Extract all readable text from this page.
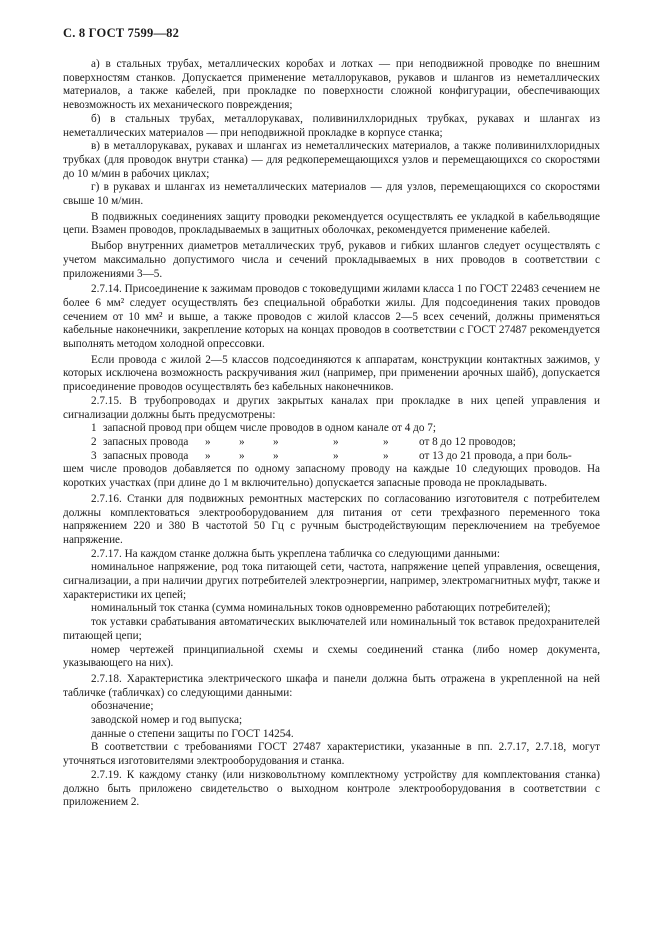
С. 8 ГОСТ 7599—82

а) в стальных трубах, металлических коробах и лотках — при неподвижной проводке по внешним поверхностям станков. Допускается применение металлорукавов, рукавов и шлангов из неметаллических материалов, а также кабелей, при прокладке по поверхности сложной конфигурации, обеспечивающих невозможность их механического повреждения;

б) в стальных трубах, металлорукавах, поливинилхлоридных трубках, рукавах и шлангах из неметаллических материалов — при неподвижной прокладке в корпусе станка;

в) в металлорукавах, рукавах и шлангах из неметаллических материалов, а также поливинилхлоридных трубках (для проводок внутри станка) — для редкоперемещающихся узлов и перемещающихся со скоростями до 10 м/мин в рабочих циклах;

г) в рукавах и шлангах из неметаллических материалов — для узлов, перемещающихся со скоростями свыше 10 м/мин.

В подвижных соединениях защиту проводки рекомендуется осуществлять ее укладкой в кабельводящие цепи. Взамен проводов, прокладываемых в защитных оболочках, рекомендуется применение кабелей.

Выбор внутренних диаметров металлических труб, рукавов и гибких шлангов следует осуществлять с учетом максимально допустимого числа и сечений прокладываемых в них проводов в соответствии с приложениями 3—5.

2.7.14. Присоединение к зажимам проводов с токоведущими жилами класса 1 по ГОСТ 22483 сечением не более 6 мм² следует осуществлять без специальной обработки жилы. Для подсоединения таких проводов сечением от 10 мм² и выше, а также проводов с жилой классов 2—5 всех сечений, должны применяться кабельные наконечники, закрепление которых на концах проводов в соответствии с ГОСТ 27487 рекомендуется выполнять методом холодной опрессовки.

Если провода с жилой 2—5 классов подсоединяются к аппаратам, конструкции контактных зажимов, у которых исключена возможность раскручивания жил (например, при применении арочных шайб), допускается присоединение проводов осуществлять без кабельных наконечников.

2.7.15. В трубопроводах и других закрытых каналах при прокладке в них цепей управления и сигнализации должны быть предусмотрены:

1 запасной провод при общем числе проводов в одном канале от 4 до 7;
2 запасных провода	»	»	»	»	»	от 8 до 12 проводов;
3 запасных провода	»	»	»	»	»	от 13 до 21 провода, а при боль-

шем числе проводов добавляется по одному запасному проводу на каждые 10 следующих проводов. На коротких участках (при длине до 1 м включительно) допускается запасные провода не прокладывать.

2.7.16. Станки для подвижных ремонтных мастерских по согласованию изготовителя с потребителем должны комплектоваться электрооборудованием для питания от сети трехфазного переменного тока напряжением 220 и 380 В частотой 50 Гц с ручным быстродействующим переключением на требуемое напряжение.

2.7.17. На каждом станке должна быть укреплена табличка со следующими данными:

номинальное напряжение, род тока питающей сети, частота, напряжение цепей управления, освещения, сигнализации, а при наличии других потребителей электроэнергии, например, электромагнитных муфт, также и характеристики их цепей;

номинальный ток станка (сумма номинальных токов одновременно работающих потребителей);

ток уставки срабатывания автоматических выключателей или номинальный ток вставок предохранителей питающей цепи;

номер чертежей принципиальной схемы и схемы соединений станка (либо номер документа, указывающего на них).

2.7.18. Характеристика электрического шкафа и панели должна быть отражена в укрепленной на ней табличке (табличках) со следующими данными:

обозначение;

заводской номер и год выпуска;

данные о степени защиты по ГОСТ 14254.

В соответствии с требованиями ГОСТ 27487 характеристики, указанные в пп. 2.7.17, 2.7.18, могут уточняться изготовителями электрооборудования и станка.

2.7.19. К каждому станку (или низковольтному комплектному устройству для комплектования станка) должно быть приложено свидетельство о выходном контроле электрооборудования в соответствии с приложением 2.
